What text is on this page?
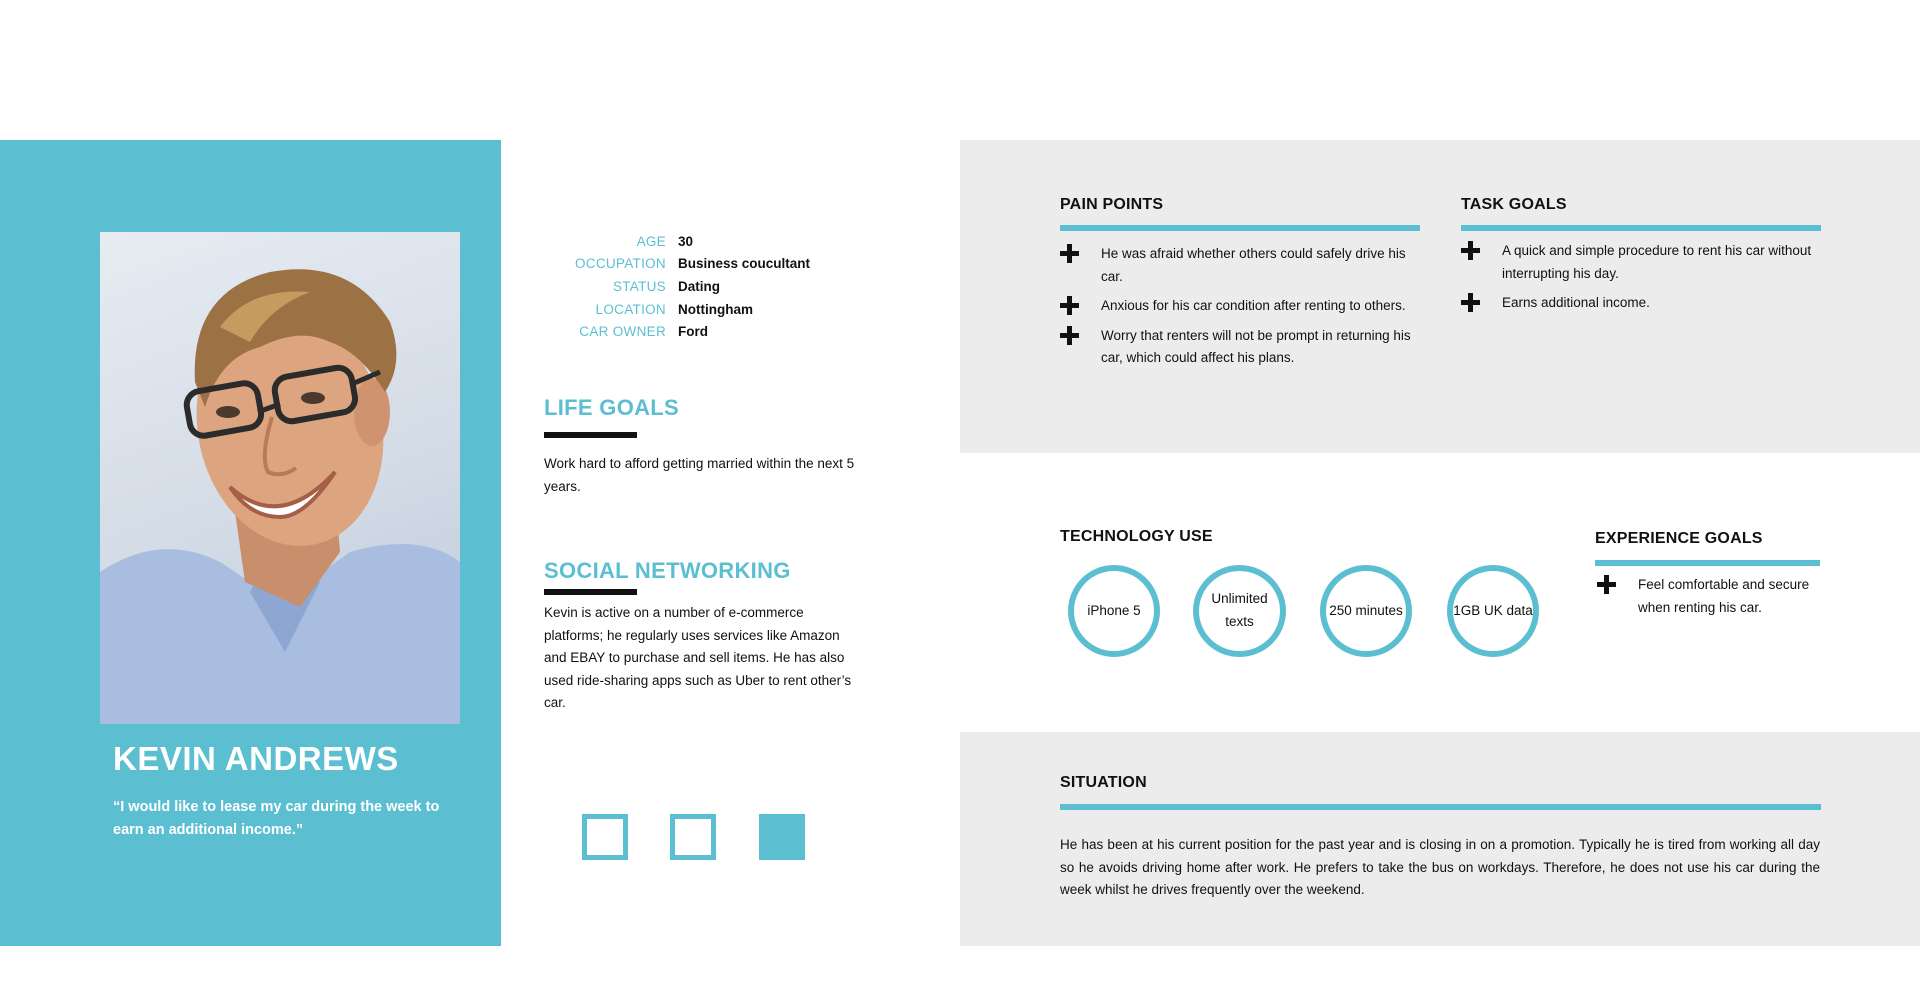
KEVIN ANDREWS
“I would like to lease my car during the week to earn an additional income.”
AGE 30
OCCUPATION Business coucultant
STATUS Dating
LOCATION Nottingham
CAR OWNER Ford
LIFE GOALS
Work hard to afford getting married within the next 5 years.
SOCIAL NETWORKING
Kevin is active on a number of e-commerce platforms; he regularly uses services like Amazon and EBAY to purchase and sell items. He has also used ride-sharing apps such as Uber to rent other’s car.
PAIN POINTS
He was afraid whether others could safely drive his car.
Anxious for his car condition after renting to others.
Worry that renters will not be prompt in returning his car, which could affect his plans.
TASK GOALS
A quick and simple procedure to rent his car without interrupting his day.
Earns additional income.
TECHNOLOGY USE
iPhone 5
Unlimited texts
250 minutes	1GB UK data
EXPERIENCE GOALS
Feel comfortable and secure when renting his car.
SITUATION
He has been at his current position for the past year and is closing in on a promotion. Typically he is tired from working all day so he avoids driving home after work. He prefers to take the bus on workdays. Therefore, he does not use his car during the week whilst he drives frequently over the weekend.
